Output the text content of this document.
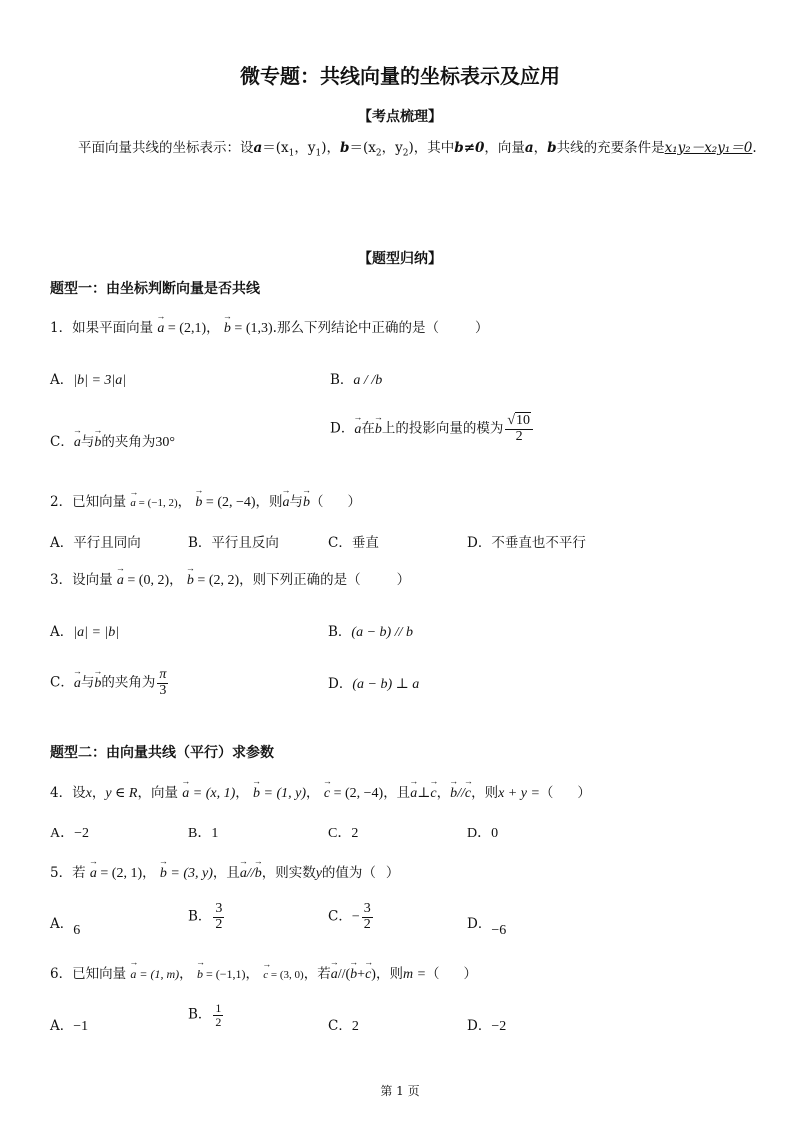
微专题：共线向量的坐标表示及应用
【考点梳理】
平面向量共线的坐标表示：设$a=(x_1$，$y_1$)，$b=(x_2$，$y_2$)，其中b≠0，向量a，b共线的充要条件是x₁y₂－x₂y₁＝0.
【题型归纳】
题型一：由坐标判断向量是否共线
1．如果平面向量 → a = (2,1)， → b = (1,3).那么下列结论中正确的是（	）
A．|b| = 3|a|	B．a / /b
C．→ a与→ b的夹角为30°
D．→ a在→ b上的投影向量的模为 $\frac{√10}{2}$
2．已知向量 → a = (−1, 2)， → b = (2, −4)，则→ a与→ b（ ）
A．平行且同向	B．平行且反向	C．垂直	D．不垂直也不平行
3．设向量 → a = (0, 2)， → b = (2, 2)，则下列正确的是（	）
A．|a| = |b|	B．(a − b) // b
C．→ a与→ b的夹角为 $\frac{\pi}{3}$	D．(a − b) ⊥ a
题型二：由向量共线（平行）求参数
4．设x，y ∈ R，向量 → a = (x, 1)， → b = (1, y)， → c = (2, −4)，且→ a⊥→ c，→ b//→ c，则x + y =（ ）
A．−2	B．1	C．2	D．0
5．若 → a = (2, 1)， → b = (3, y)，且→ a//→ b，则实数y的值为（ ）
A．6
B． $\frac{3}{2}$	C．− $\frac{3}{2}$	D．−6
6．已知向量 → a = (1, m)， → b = (−1,1)， → c = (3, 0)，若→ a//(→ b+→ c)，则m =（ ）
A．−1
B． $\frac{1}{2}$	C．2	D．−2
第 1 页
